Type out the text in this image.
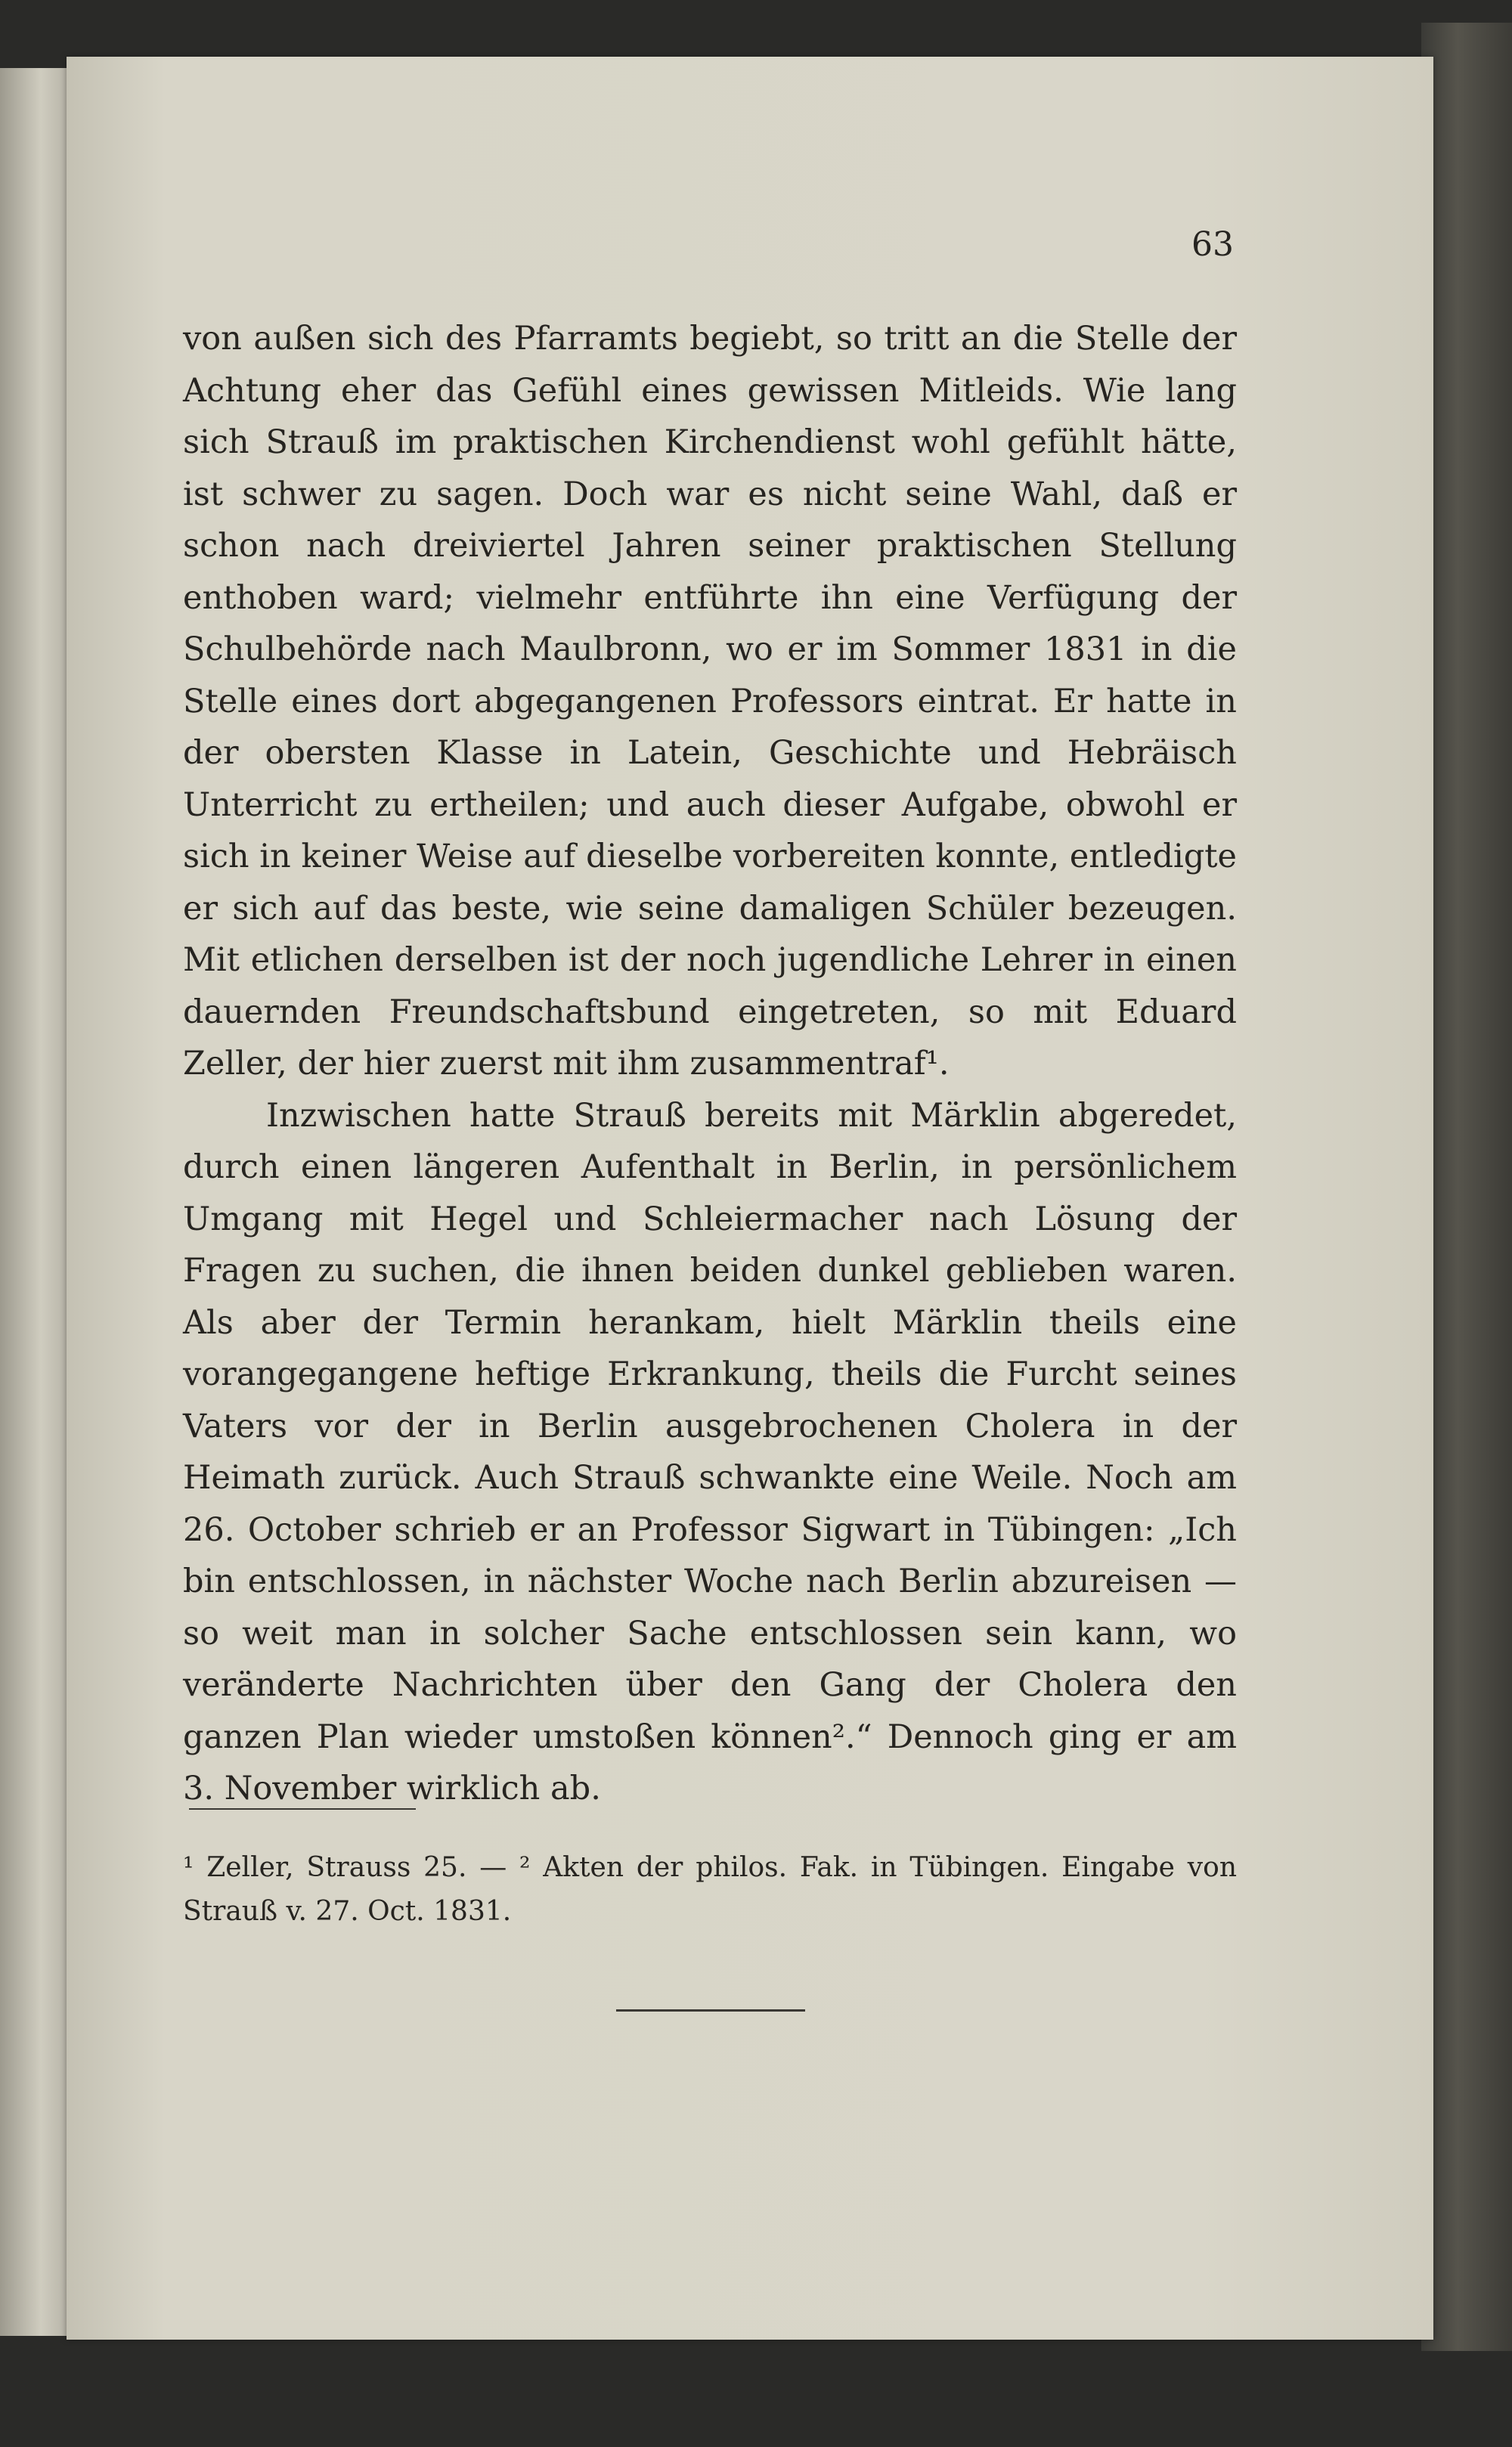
63

von außen sich des Pfarramts begiebt, so tritt an die Stelle der Achtung eher das Gefühl eines gewissen Mitleids. Wie lang sich Strauß im praktischen Kirchendienst wohl gefühlt hätte, ist schwer zu sagen. Doch war es nicht seine Wahl, daß er schon nach dreiviertel Jahren seiner praktischen Stellung enthoben ward; vielmehr entführte ihn eine Verfügung der Schulbehörde nach Maulbronn, wo er im Sommer 1831 in die Stelle eines dort abgegangenen Professors eintrat. Er hatte in der obersten Klasse in Latein, Geschichte und Hebräisch Unterricht zu ertheilen; und auch dieser Aufgabe, obwohl er sich in keiner Weise auf dieselbe vorbereiten konnte, entledigte er sich auf das beste, wie seine damaligen Schüler bezeugen. Mit etlichen derselben ist der noch jugendliche Lehrer in einen dauernden Freundschaftsbund eingetreten, so mit Eduard Zeller, der hier zuerst mit ihm zusammentraf¹.

Inzwischen hatte Strauß bereits mit Märklin abgeredet, durch einen längeren Aufenthalt in Berlin, in persönlichem Umgang mit Hegel und Schleiermacher nach Lösung der Fragen zu suchen, die ihnen beiden dunkel geblieben waren. Als aber der Termin herankam, hielt Märklin theils eine vorangegangene heftige Erkrankung, theils die Furcht seines Vaters vor der in Berlin ausgebrochenen Cholera in der Heimath zurück. Auch Strauß schwankte eine Weile. Noch am 26. October schrieb er an Professor Sigwart in Tübingen: „Ich bin entschlossen, in nächster Woche nach Berlin abzureisen — so weit man in solcher Sache entschlossen sein kann, wo veränderte Nachrichten über den Gang der Cholera den ganzen Plan wieder umstoßen können².“ Dennoch ging er am 3. November wirklich ab.

¹ Zeller, Strauss 25. — ² Akten der philos. Fak. in Tübingen. Eingabe von Strauß v. 27. Oct. 1831.
